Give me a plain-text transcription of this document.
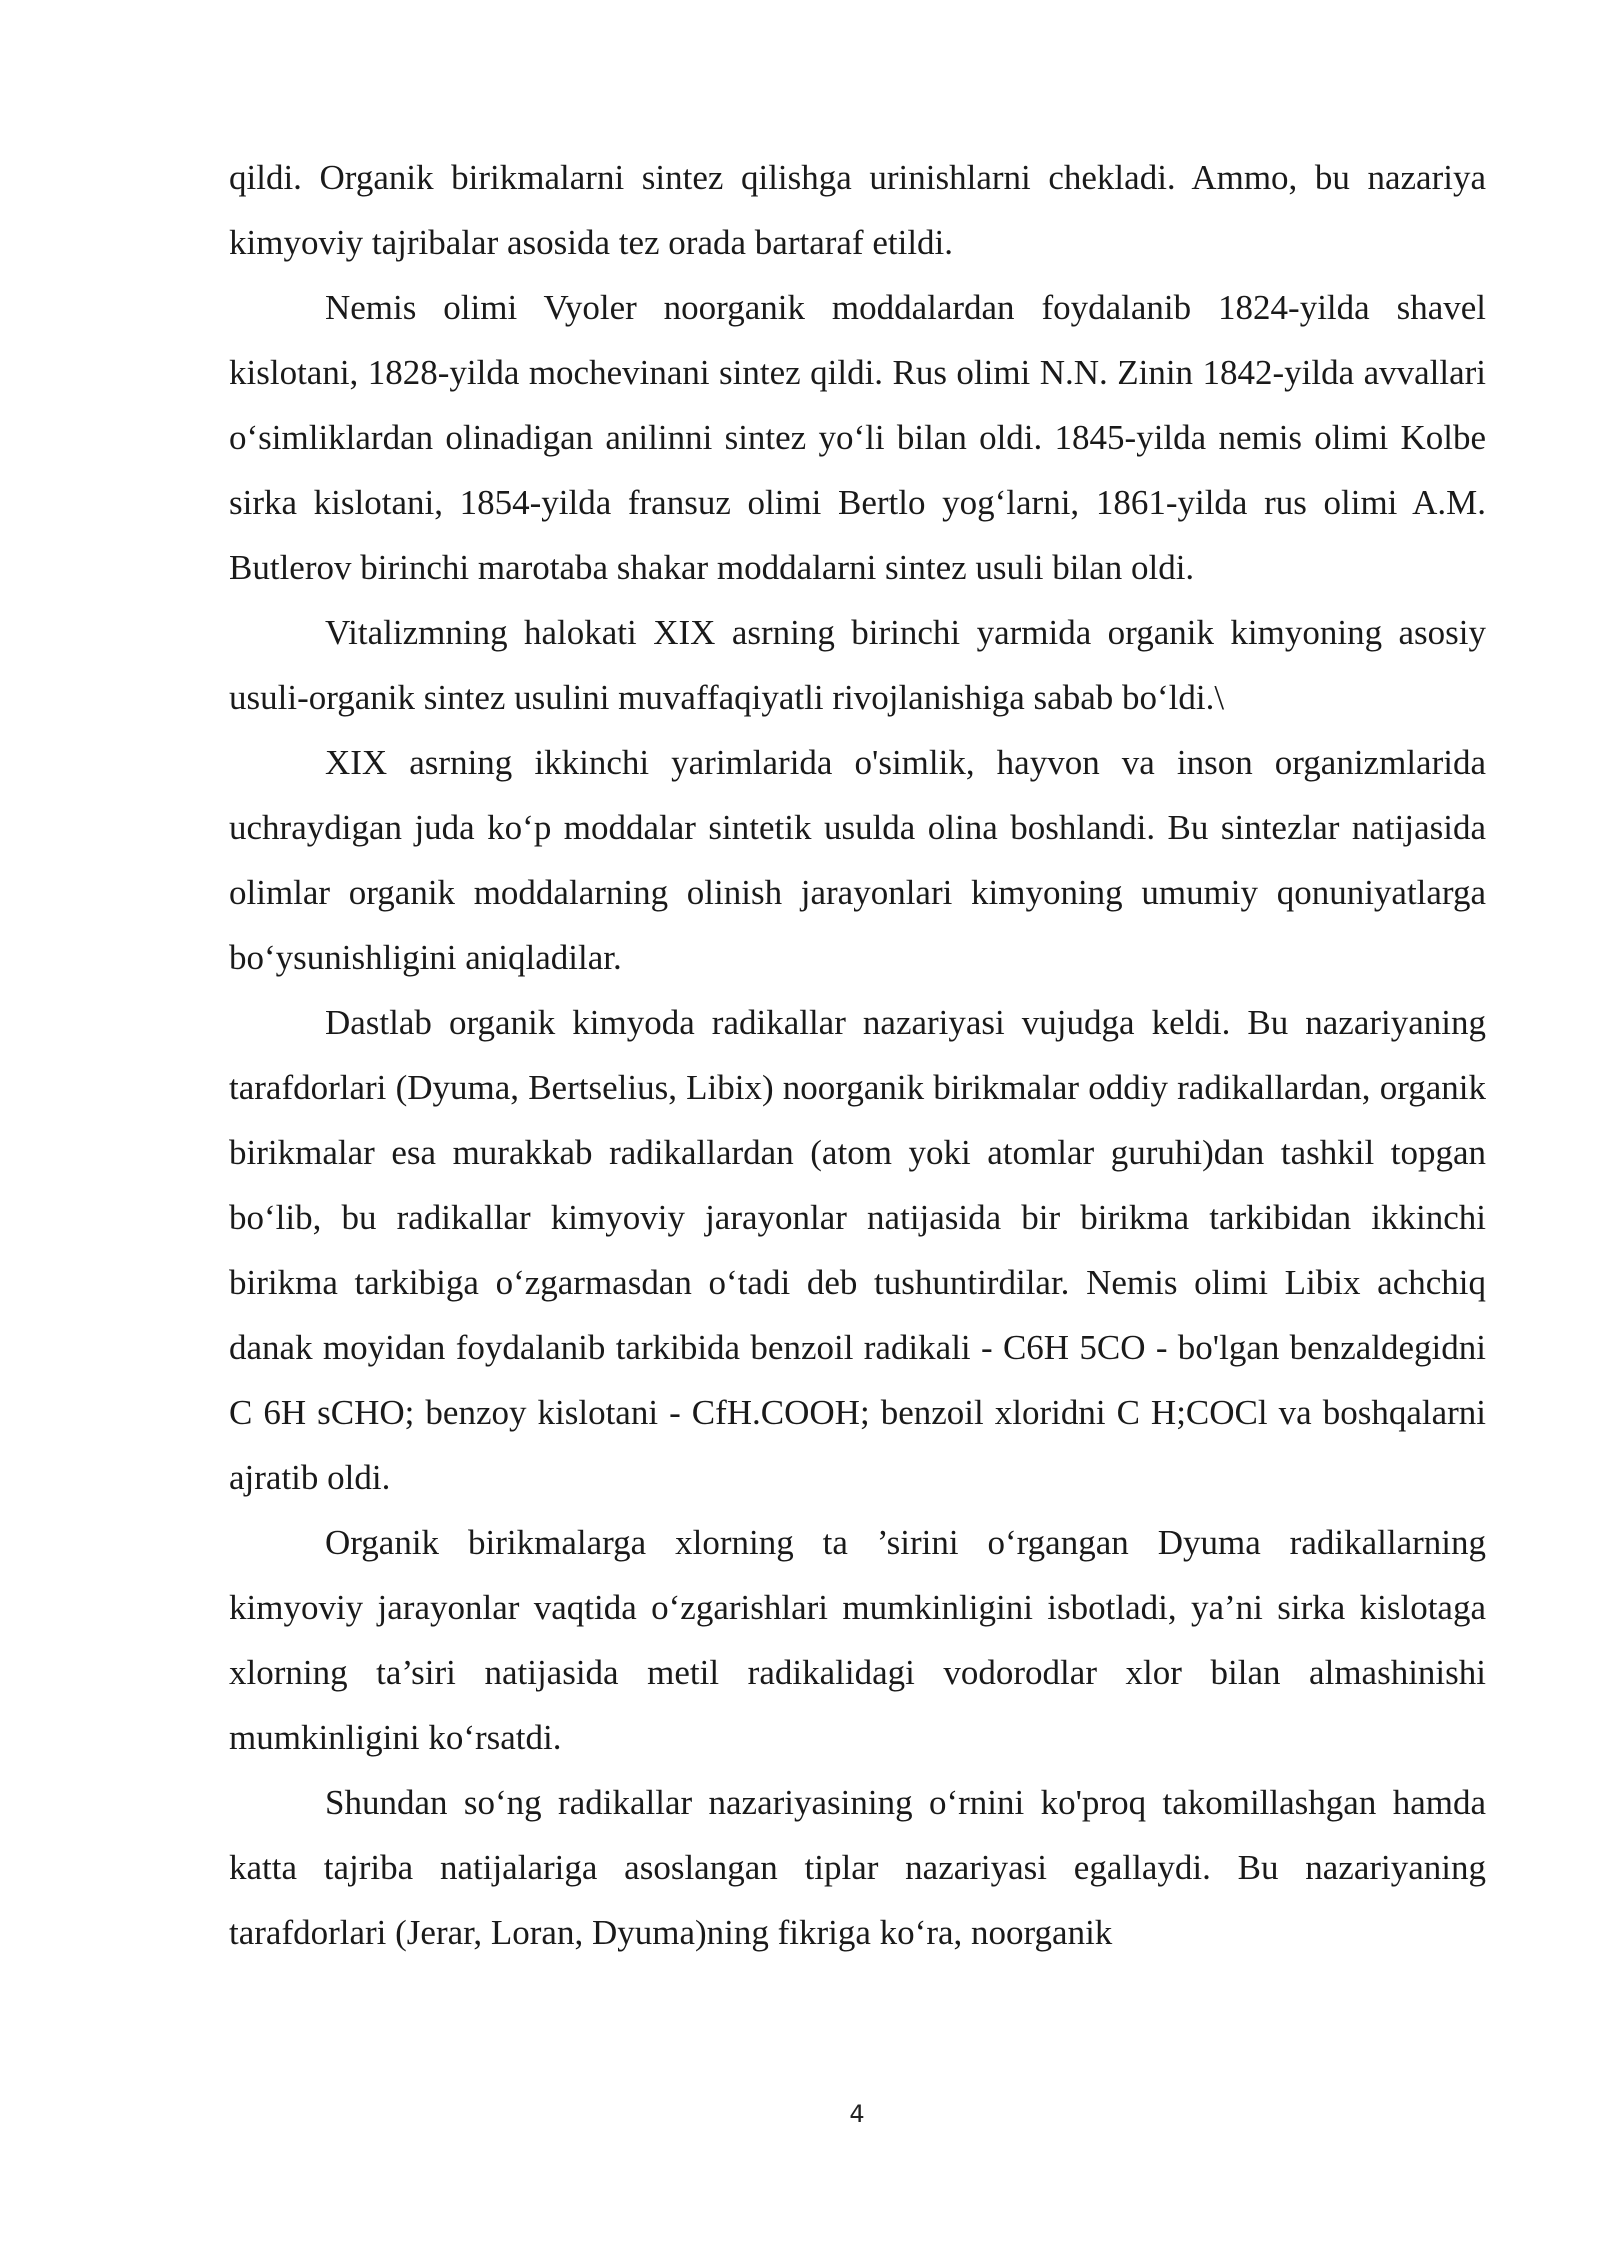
qildi. Organik birikmalarni sintez qilishga urinishlarni chekladi. Ammo, bu nazariya kimyoviy tajribalar asosida tez orada bartaraf etildi.

Nemis olimi Vyoler noorganik moddalardan foydalanib 1824-yilda shavel kislotani, 1828-yilda mochevinani sintez qildi. Rus olimi N.N. Zinin 1842-yilda avvallari o‘simliklardan olinadigan anilinni sintez yo‘li bilan oldi. 1845-yilda nemis olimi Kolbe sirka kislotani, 1854-yilda fransuz olimi Bertlo yog‘larni, 1861-yilda rus olimi A.M. Butlerov birinchi marotaba shakar moddalarni sintez usuli bilan oldi.

Vitalizmning halokati XIX asrning birinchi yarmida organik kimyoning asosiy usuli-organik sintez usulini muvaffaqiyatli rivojlanishiga sabab bo‘ldi.\

XIX asrning ikkinchi yarimlarida o'simlik, hayvon va inson organizmlarida uchraydigan juda ko‘p moddalar sintetik usulda olina boshlandi. Bu sintezlar natijasida olimlar organik moddalarning olinish jarayonlari kimyoning umumiy qonuniyatlarga bo‘ysunishligini aniqladilar.

Dastlab organik kimyoda radikallar nazariyasi vujudga keldi. Bu nazariyaning tarafdorlari (Dyuma, Bertselius, Libix) noorganik birikmalar oddiy radikallardan, organik birikmalar esa murakkab radikallardan (atom yoki atomlar guruhi)dan tashkil topgan bo‘lib, bu radikallar kimyoviy jarayonlar natijasida bir birikma tarkibidan ikkinchi birikma tarkibiga o‘zgarmasdan o‘tadi deb tushuntirdilar. Nemis olimi Libix achchiq danak moyidan foydalanib tarkibida benzoil radikali - C6H 5CO - bo'lgan benzaldegidni C 6H sCHO; benzoy kislotani - CfH.COOH; benzoil xloridni C H;COCl va boshqalarni ajratib oldi.

Organik birikmalarga xlorning ta ’sirini o‘rgangan Dyuma radikallarning kimyoviy jarayonlar vaqtida o‘zgarishlari mumkinligini isbotladi, ya’ni sirka kislotaga xlorning ta’siri natijasida metil radikalidagi vodorodlar xlor bilan almashinishi mumkinligini ko‘rsatdi.

Shundan so‘ng radikallar nazariyasining o‘rnini ko'proq takomillashgan hamda katta tajriba natijalariga asoslangan tiplar nazariyasi egallaydi. Bu nazariyaning tarafdorlari (Jerar, Loran, Dyuma)ning fikriga ko‘ra, noorganik

4
